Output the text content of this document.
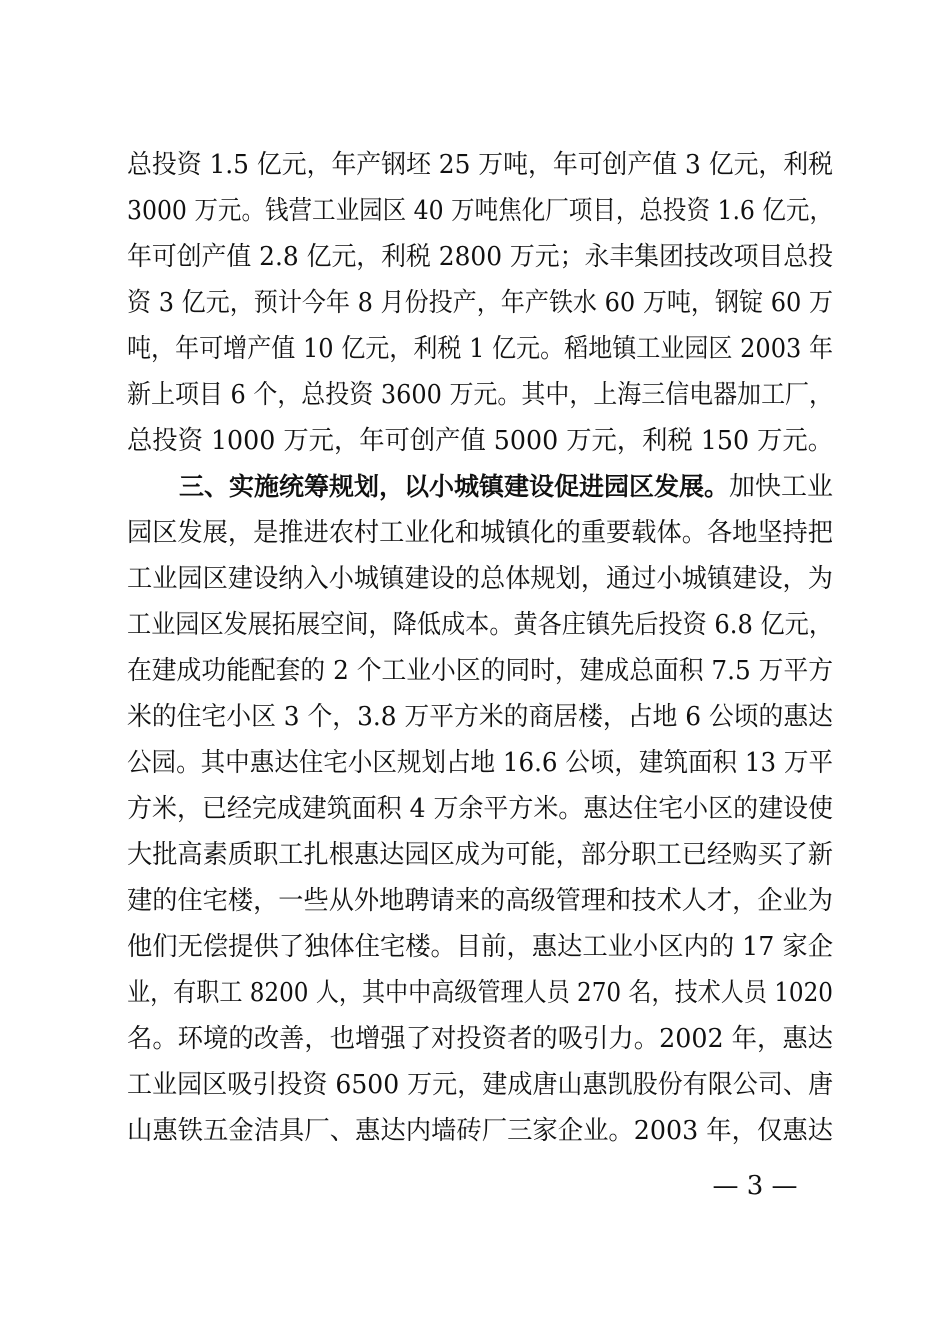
总投资 1.5 亿元，年产钢坯 25 万吨，年可创产值 3 亿元，利税
3000 万元。钱营工业园区 40 万吨焦化厂项目，总投资 1.6 亿元，
年可创产值 2.8 亿元，利税 2800 万元；永丰集团技改项目总投
资 3 亿元，预计今年 8 月份投产，年产铁水 60 万吨，钢锭 60 万
吨，年可增产值 10 亿元，利税 1 亿元。稻地镇工业园区 2003 年
新上项目 6 个，总投资 3600 万元。其中，上海三信电器加工厂，
总投资 1000 万元，年可创产值 5000 万元，利税 150 万元。
三、实施统筹规划，以小城镇建设促进园区发展。加快工业
园区发展，是推进农村工业化和城镇化的重要载体。各地坚持把
工业园区建设纳入小城镇建设的总体规划，通过小城镇建设，为
工业园区发展拓展空间，降低成本。黄各庄镇先后投资 6.8 亿元，
在建成功能配套的 2 个工业小区的同时，建成总面积 7.5 万平方
米的住宅小区 3 个，3.8 万平方米的商居楼，占地 6 公顷的惠达
公园。其中惠达住宅小区规划占地 16.6 公顷，建筑面积 13 万平
方米，已经完成建筑面积 4 万余平方米。惠达住宅小区的建设使
大批高素质职工扎根惠达园区成为可能，部分职工已经购买了新
建的住宅楼，一些从外地聘请来的高级管理和技术人才，企业为
他们无偿提供了独体住宅楼。目前，惠达工业小区内的 17 家企
业，有职工 8200 人，其中中高级管理人员 270 名，技术人员 1020
名。环境的改善，也增强了对投资者的吸引力。2002 年，惠达
工业园区吸引投资 6500 万元，建成唐山惠凯股份有限公司、唐
山惠铁五金洁具厂、惠达内墙砖厂三家企业。2003 年，仅惠达
— 3 —
